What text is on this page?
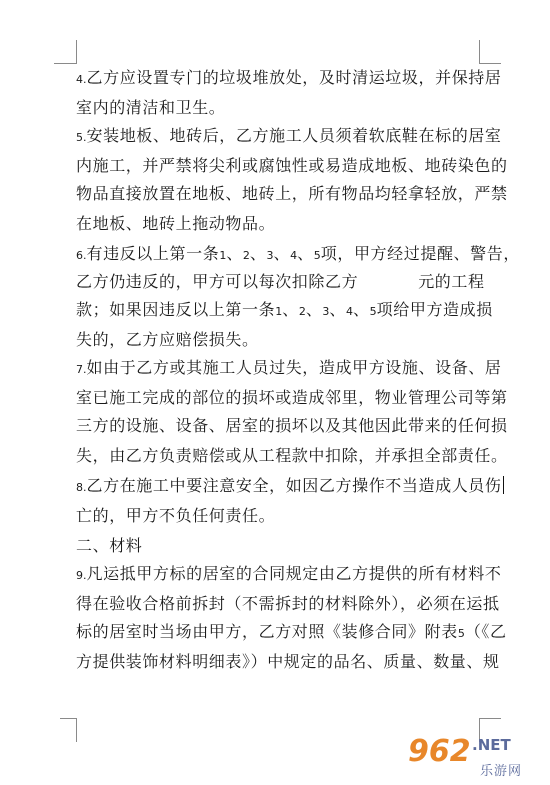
4.乙方应设置专门的垃圾堆放处，及时清运垃圾，并保持居
室内的清洁和卫生。
5.安装地板、地砖后，乙方施工人员须着软底鞋在标的居室
内施工，并严禁将尖利或腐蚀性或易造成地板、地砖染色的
物品直接放置在地板、地砖上，所有物品均轻拿轻放，严禁
在地板、地砖上拖动物品。
6.有违反以上第一条1、2、3、4、5项，甲方经过提醒、警告，
乙方仍违反的，甲方可以每次扣除乙方	元的工程
款；如果因违反以上第一条1、2、3、4、5项给甲方造成损
失的，乙方应赔偿损失。
7.如由于乙方或其施工人员过失，造成甲方设施、设备、居
室已施工完成的部位的损坏或造成邻里，物业管理公司等第
三方的设施、设备、居室的损坏以及其他因此带来的任何损
失，由乙方负责赔偿或从工程款中扣除，并承担全部责任。
8.乙方在施工中要注意安全，如因乙方操作不当造成人员伤
亡的，甲方不负任何责任。
二、材料
9.凡运抵甲方标的居室的合同规定由乙方提供的所有材料不
得在验收合格前拆封（不需拆封的材料除外），必须在运抵
标的居室时当场由甲方，乙方对照《装修合同》附表5（《乙
方提供装饰材料明细表》）中规定的品名、质量、数量、规
962 .NET
乐游网
